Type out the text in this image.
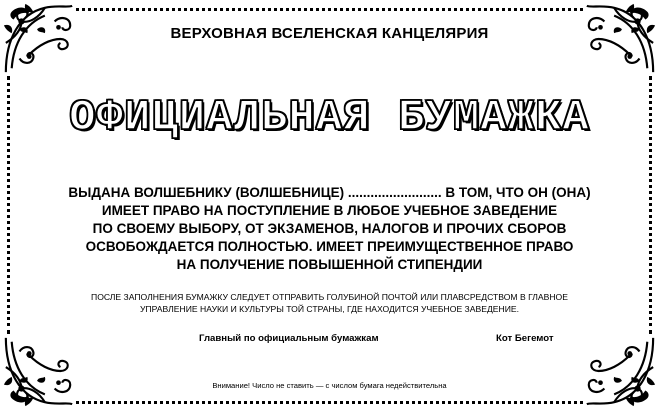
ВЕРХОВНАЯ ВСЕЛЕНСКАЯ КАНЦЕЛЯРИЯ
ОФИЦИАЛЬНАЯ БУМАЖКА
ВЫДАНА ВОЛШЕБНИКУ (ВОЛШЕБНИЦЕ) ......................... В ТОМ, ЧТО ОН (ОНА)
ИМЕЕТ ПРАВО НА ПОСТУПЛЕНИЕ В ЛЮБОЕ УЧЕБНОЕ ЗАВЕДЕНИЕ
ПО СВОЕМУ ВЫБОРУ, ОТ ЭКЗАМЕНОВ, НАЛОГОВ И ПРОЧИХ СБОРОВ
ОСВОБОЖДАЕТСЯ ПОЛНОСТЬЮ. ИМЕЕТ ПРЕИМУЩЕСТВЕННОЕ ПРАВО
НА ПОЛУЧЕНИЕ ПОВЫШЕННОЙ СТИПЕНДИИ
ПОСЛЕ ЗАПОЛНЕНИЯ БУМАЖКУ СЛЕДУЕТ ОТПРАВИТЬ ГОЛУБИНОЙ ПОЧТОЙ ИЛИ ПЛАВСРЕДСТВОМ В ГЛАВНОЕ
УПРАВЛЕНИЕ НАУКИ И КУЛЬТУРЫ ТОЙ СТРАНЫ, ГДЕ НАХОДИТСЯ УЧЕБНОЕ ЗАВЕДЕНИЕ.
Главный по официальным бумажкам	Кот Бегемот
Внимание! Число не ставить — с числом бумага недействительна
